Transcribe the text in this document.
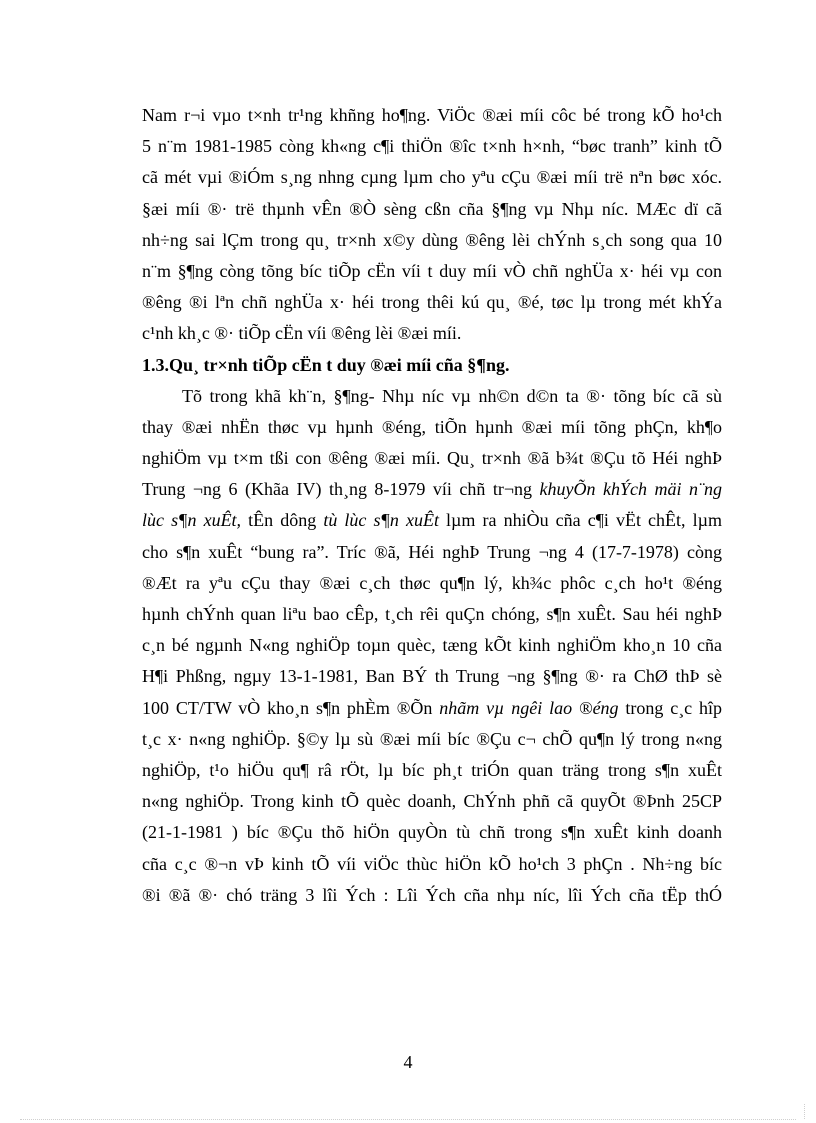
Nam r¬i vµo t×nh tr¹ng khñng ho¶ng. ViÖc ®æi míi côc bé trong kÕ ho¹ch
5 n¨m 1981-1985 còng kh«ng c¶i thiÖn ®îc t×nh h×nh, “bøc tranh” kinh tÕ
cã mét vµi ®iÓm s¸ng nhng cµng lµm cho yªu cÇu ®æi míi trë nªn bøc xóc.
§æi míi ®· trë thµnh vÊn ®Ò sèng cßn cña §¶ng vµ Nhµ níc. MÆc dï cã
nh÷ng sai lÇm trong qu¸ tr×nh x©y dùng ®êng lèi chÝnh s¸ch song qua 10
n¨m §¶ng còng tõng bíc tiÕp cËn víi t duy míi vÒ chñ nghÜa x· héi vµ con
®êng ®i lªn chñ nghÜa x· héi trong thêi kú qu¸ ®é, tøc lµ trong mét khÝa
c¹nh kh¸c ®· tiÕp cËn víi ®êng lèi ®æi míi.
1.3.Qu¸ tr×nh tiÕp cËn t duy ®æi míi cña §¶ng.
Tõ trong khã kh¨n, §¶ng- Nhµ níc vµ nh©n d©n ta ®· tõng bíc cã sù
thay ®æi nhËn thøc vµ hµnh ®éng, tiÕn hµnh ®æi míi tõng phÇn, kh¶o
nghiÖm vµ t×m tßi con ®êng ®æi míi. Qu¸ tr×nh ®ã b¾t ®Çu tõ Héi nghÞ
Trung ¬ng 6 (Khãa IV) th¸ng 8-1979 víi chñ tr¬ng khuyÕn khÝch mäi n¨ng
lùc s¶n xuÊt, tÊn dông tù lùc s¶n xuÊt lµm ra nhiÒu cña c¶i vËt chÊt, lµm
cho s¶n xuÊt “bung ra”. Tríc ®ã, Héi nghÞ Trung ¬ng 4 (17-7-1978) còng
®Æt ra yªu cÇu thay ®æi c¸ch thøc qu¶n lý, kh¾c phôc c¸ch ho¹t ®éng
hµnh chÝnh quan liªu bao cÊp, t¸ch rêi quÇn chóng, s¶n xuÊt. Sau héi nghÞ
c¸n bé ngµnh N«ng nghiÖp toµn quèc, tæng kÕt kinh nghiÖm kho¸n 10 cña
H¶i Phßng, ngµy 13-1-1981, Ban BÝ th Trung ¬ng §¶ng ®· ra ChØ thÞ sè
100 CT/TW vÒ kho¸n s¶n phÈm ®Õn nhãm vµ ngêi lao ®éng trong c¸c hîp
t¸c x· n«ng nghiÖp. §©y lµ sù ®æi míi bíc ®Çu c¬ chÕ qu¶n lý trong n«ng
nghiÖp, t¹o hiÖu qu¶ râ rÖt, lµ bíc ph¸t triÓn quan träng trong s¶n xuÊt
n«ng nghiÖp. Trong kinh tÕ quèc doanh, ChÝnh phñ cã quyÕt ®Þnh 25CP
(21-1-1981 ) bíc ®Çu thõ hiÖn quyÒn tù chñ trong s¶n xuÊt kinh doanh
cña c¸c ®¬n vÞ kinh tÕ víi viÖc thùc hiÖn kÕ ho¹ch 3 phÇn . Nh÷ng bíc
®i ®ã ®· chó träng 3 lîi Ých : Lîi Ých cña nhµ níc, lîi Ých cña tËp thÓ
4
